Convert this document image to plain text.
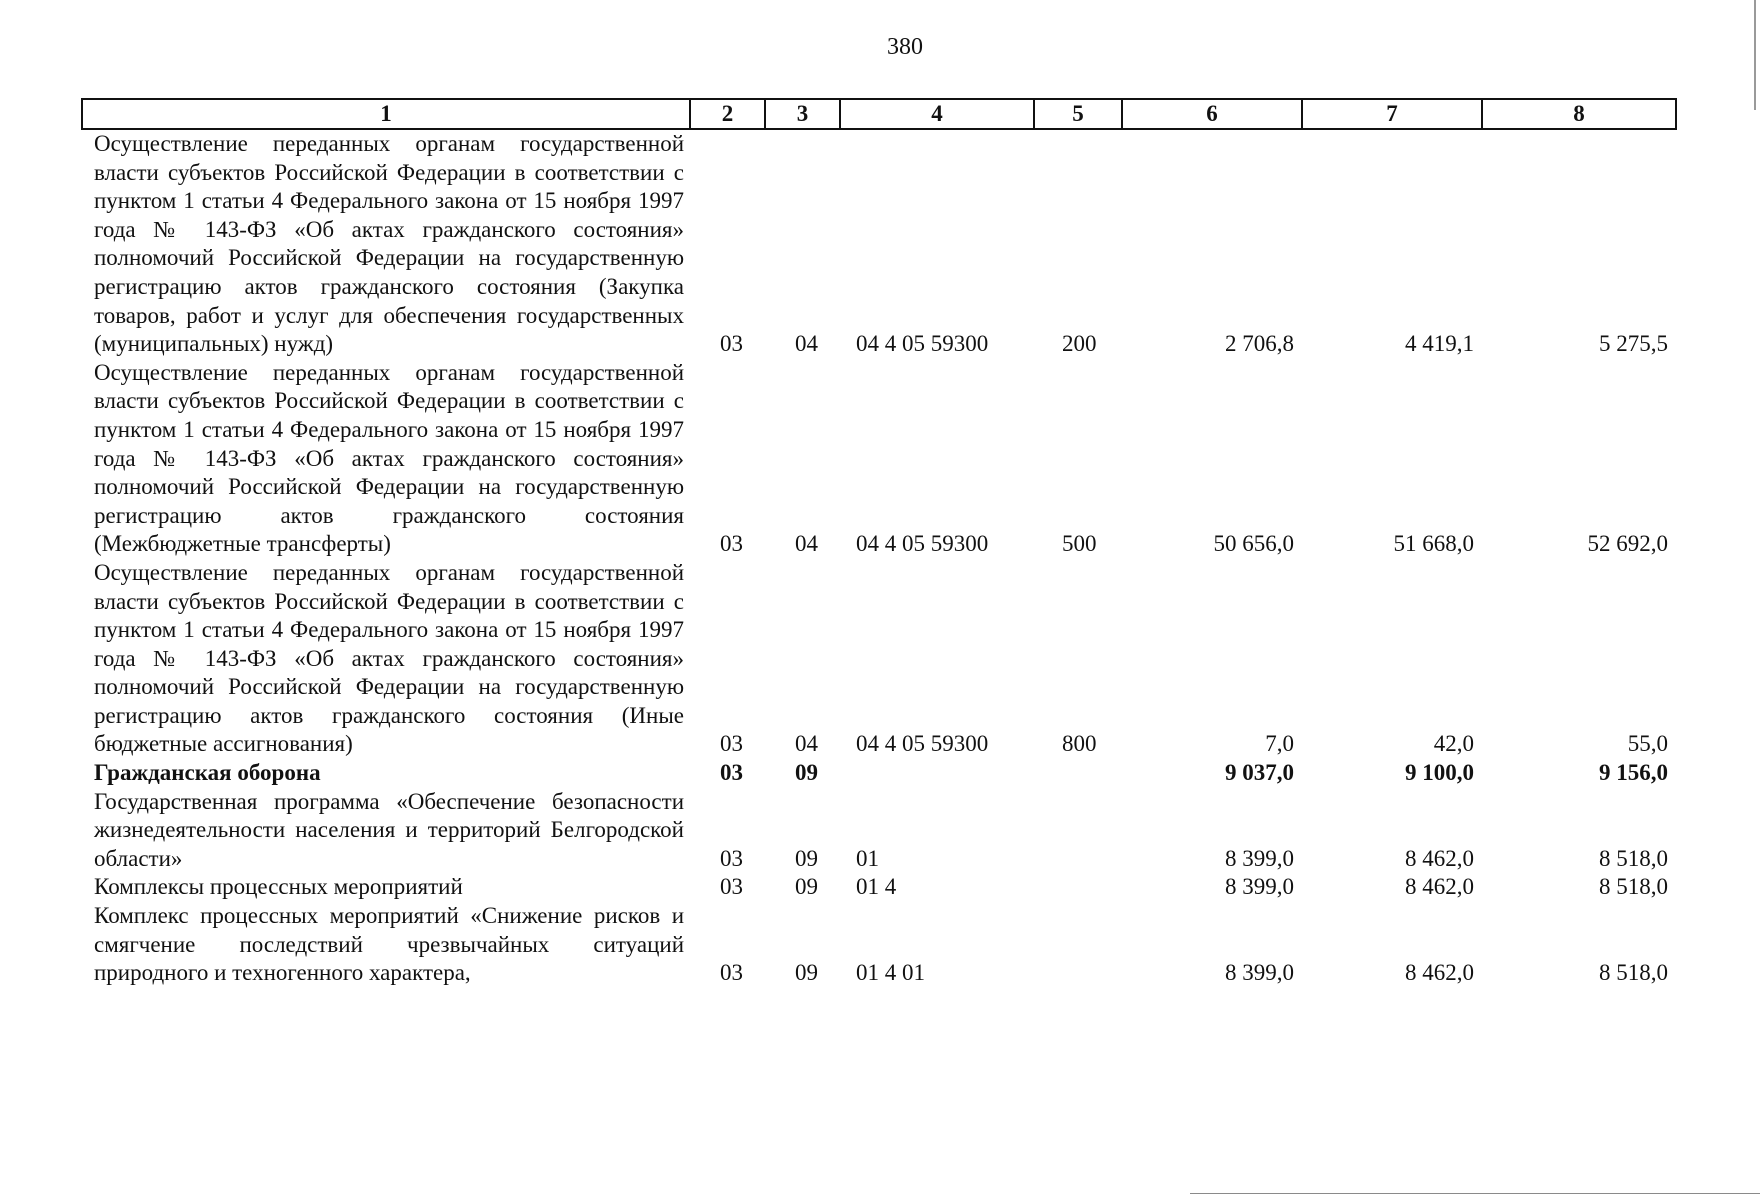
380
1	2	3	4	5	6	7	8
Осуществление переданных органам государственной власти субъектов Российской Федерации в соответствии с пунктом 1 статьи 4 Федерального закона от 15 ноября 1997 года № 143-ФЗ «Об актах гражданского состояния» полномочий Российской Федерации на государственную регистрацию актов гражданского состояния (Закупка товаров, работ и услуг для обеспечения государственных (муниципальных) нужд)	03	04	04 4 05 59300	200	2 706,8	4 419,1	5 275,5
Осуществление переданных органам государственной власти субъектов Российской Федерации в соответствии с пунктом 1 статьи 4 Федерального закона от 15 ноября 1997 года № 143-ФЗ «Об актах гражданского состояния» полномочий Российской Федерации на государственную регистрацию актов гражданского состояния (Межбюджетные трансферты)	03	04	04 4 05 59300	500	50 656,0	51 668,0	52 692,0
Осуществление переданных органам государственной власти субъектов Российской Федерации в соответствии с пунктом 1 статьи 4 Федерального закона от 15 ноября 1997 года № 143-ФЗ «Об актах гражданского состояния» полномочий Российской Федерации на государственную регистрацию актов гражданского состояния (Иные бюджетные ассигнования)	03	04	04 4 05 59300	800	7,0	42,0	55,0
Гражданская оборона	03	09			9 037,0	9 100,0	9 156,0
Государственная программа «Обеспечение безопасности жизнедеятельности населения и территорий Белгородской области»	03	09	01		8 399,0	8 462,0	8 518,0
Комплексы процессных мероприятий	03	09	01 4		8 399,0	8 462,0	8 518,0
Комплекс процессных мероприятий «Снижение рисков и смягчение последствий чрезвычайных ситуаций природного и техногенного характера,	03	09	01 4 01		8 399,0	8 462,0	8 518,0
